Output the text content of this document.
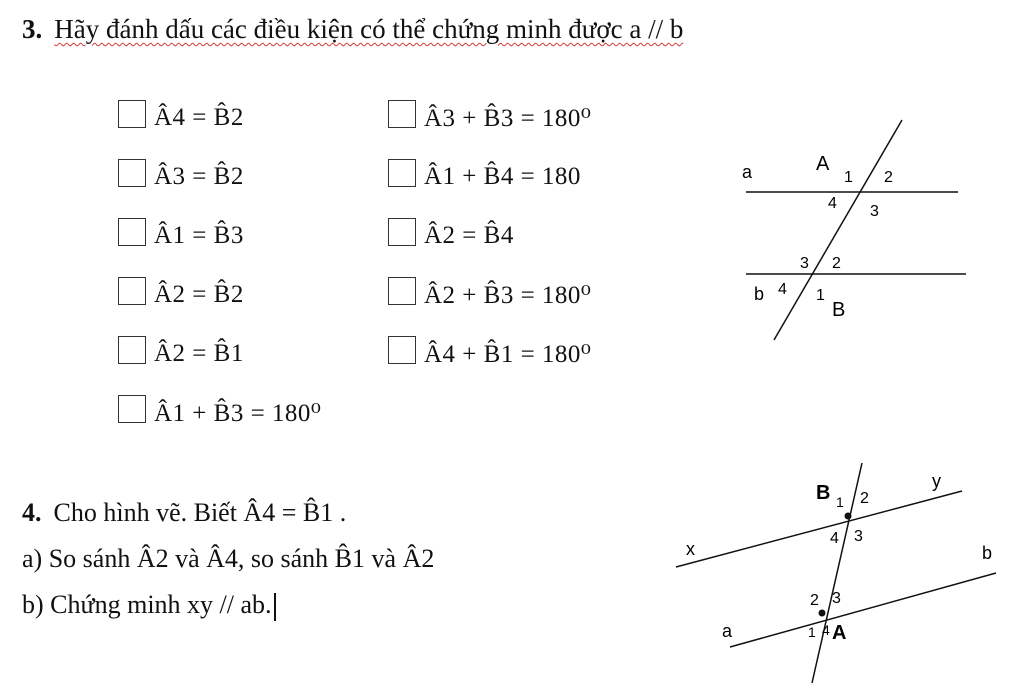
3. Hãy đánh dấu các điều kiện có thể chứng minh được a // b
Â4 = B̂2
Â3 = B̂2
Â1 = B̂3
Â2 = B̂2
Â2 = B̂1
Â1 + B̂3 = 180⁰
Â3 + B̂3 = 180⁰
Â1 + B̂4 = 180
Â2 = B̂4
Â2 + B̂3 = 180⁰
Â4 + B̂1 = 180⁰
a
b
A
B
1 2
3
4
1
2
3
4
4. Cho hình vẽ. Biết Â4 = B̂1 .
a) So sánh Â2 và Â4, so sánh B̂1 và Â2
b) Chứng minh xy // ab.
x
y
a
b
B
A
1 2
3
4
2 3
1 4
